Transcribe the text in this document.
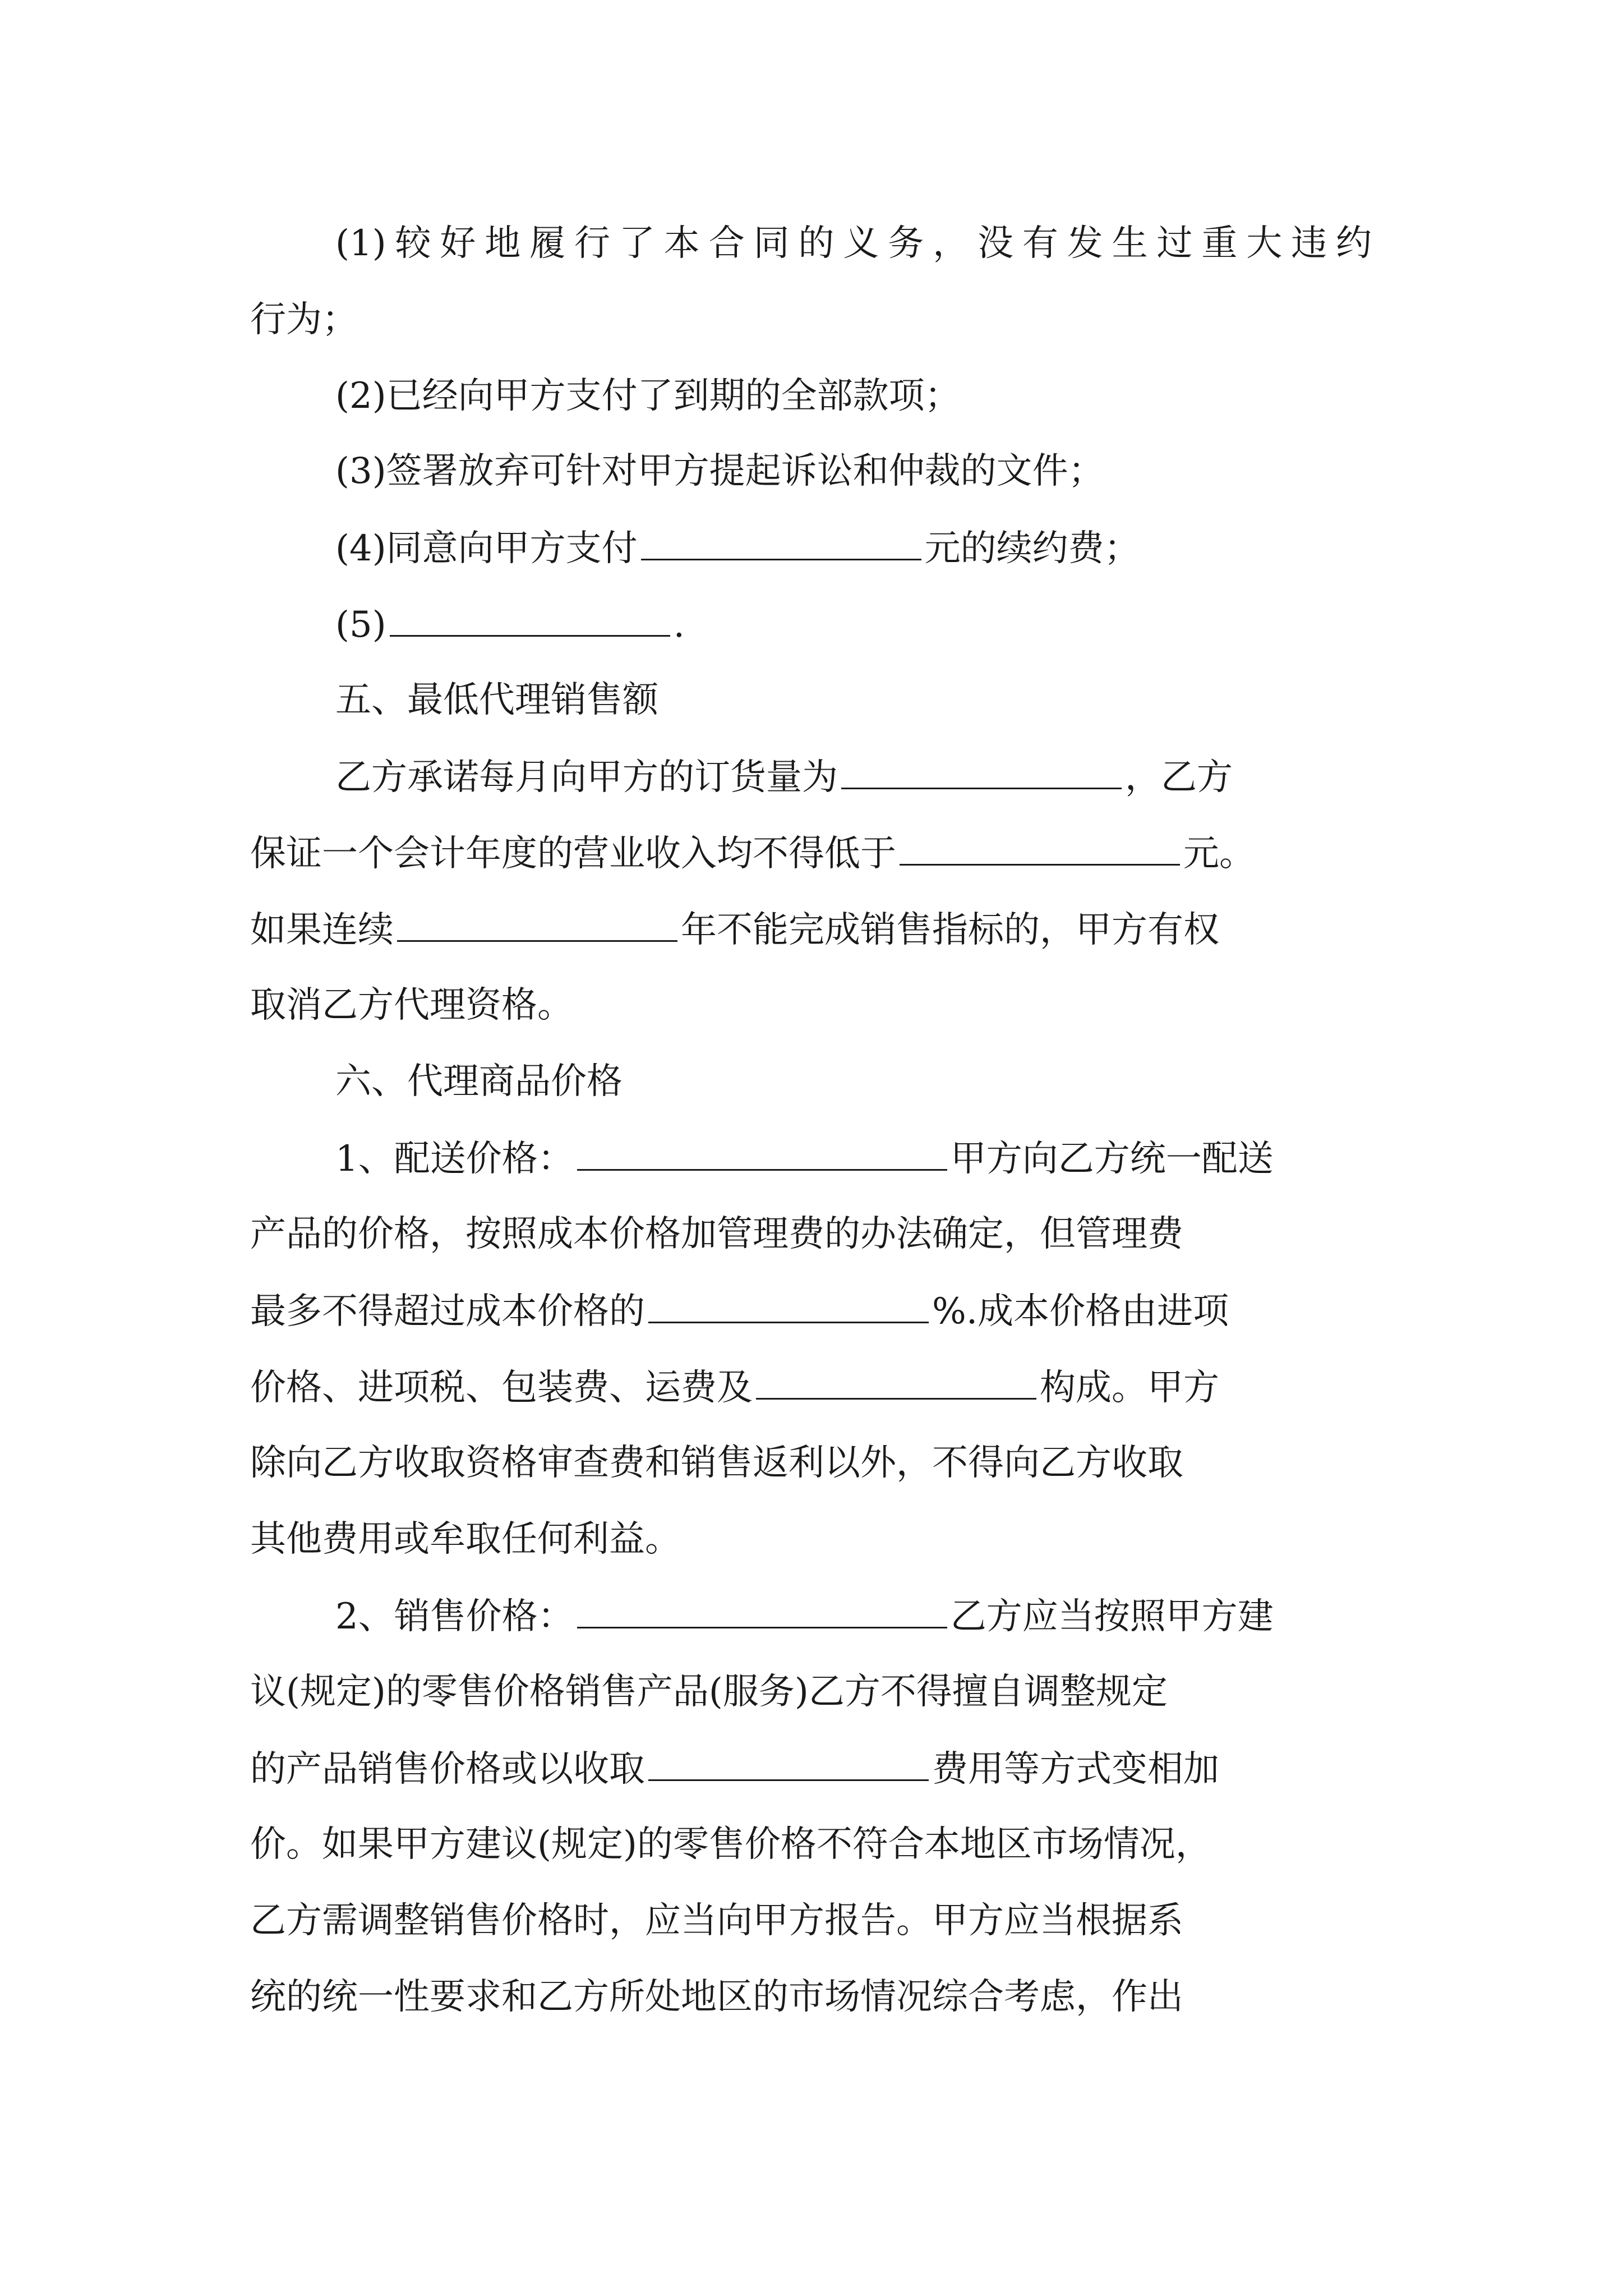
(1)较好地履行了本合同的义务，没有发生过重大违约
行为；
(2)已经向甲方支付了到期的全部款项；
(3)签署放弃可针对甲方提起诉讼和仲裁的文件；
(4)同意向甲方支付	元的续约费；
(5)	.
五、最低代理销售额
乙方承诺每月向甲方的订货量为	，乙方
保证一个会计年度的营业收入均不得低于	元。
如果连续	年不能完成销售指标的，甲方有权
取消乙方代理资格。
六、代理商品价格
1、配送价格：	甲方向乙方统一配送
产品的价格，按照成本价格加管理费的办法确定，但管理费
最多不得超过成本价格的	%.成本价格由进项
价格、进项税、包装费、运费及	构成。甲方
除向乙方收取资格审查费和销售返利以外，不得向乙方收取
其他费用或牟取任何利益。
2、销售价格：	乙方应当按照甲方建
议(规定)的零售价格销售产品(服务)乙方不得擅自调整规定
的产品销售价格或以收取	费用等方式变相加
价。如果甲方建议(规定)的零售价格不符合本地区市场情况，
乙方需调整销售价格时，应当向甲方报告。甲方应当根据系
统的统一性要求和乙方所处地区的市场情况综合考虑，作出
